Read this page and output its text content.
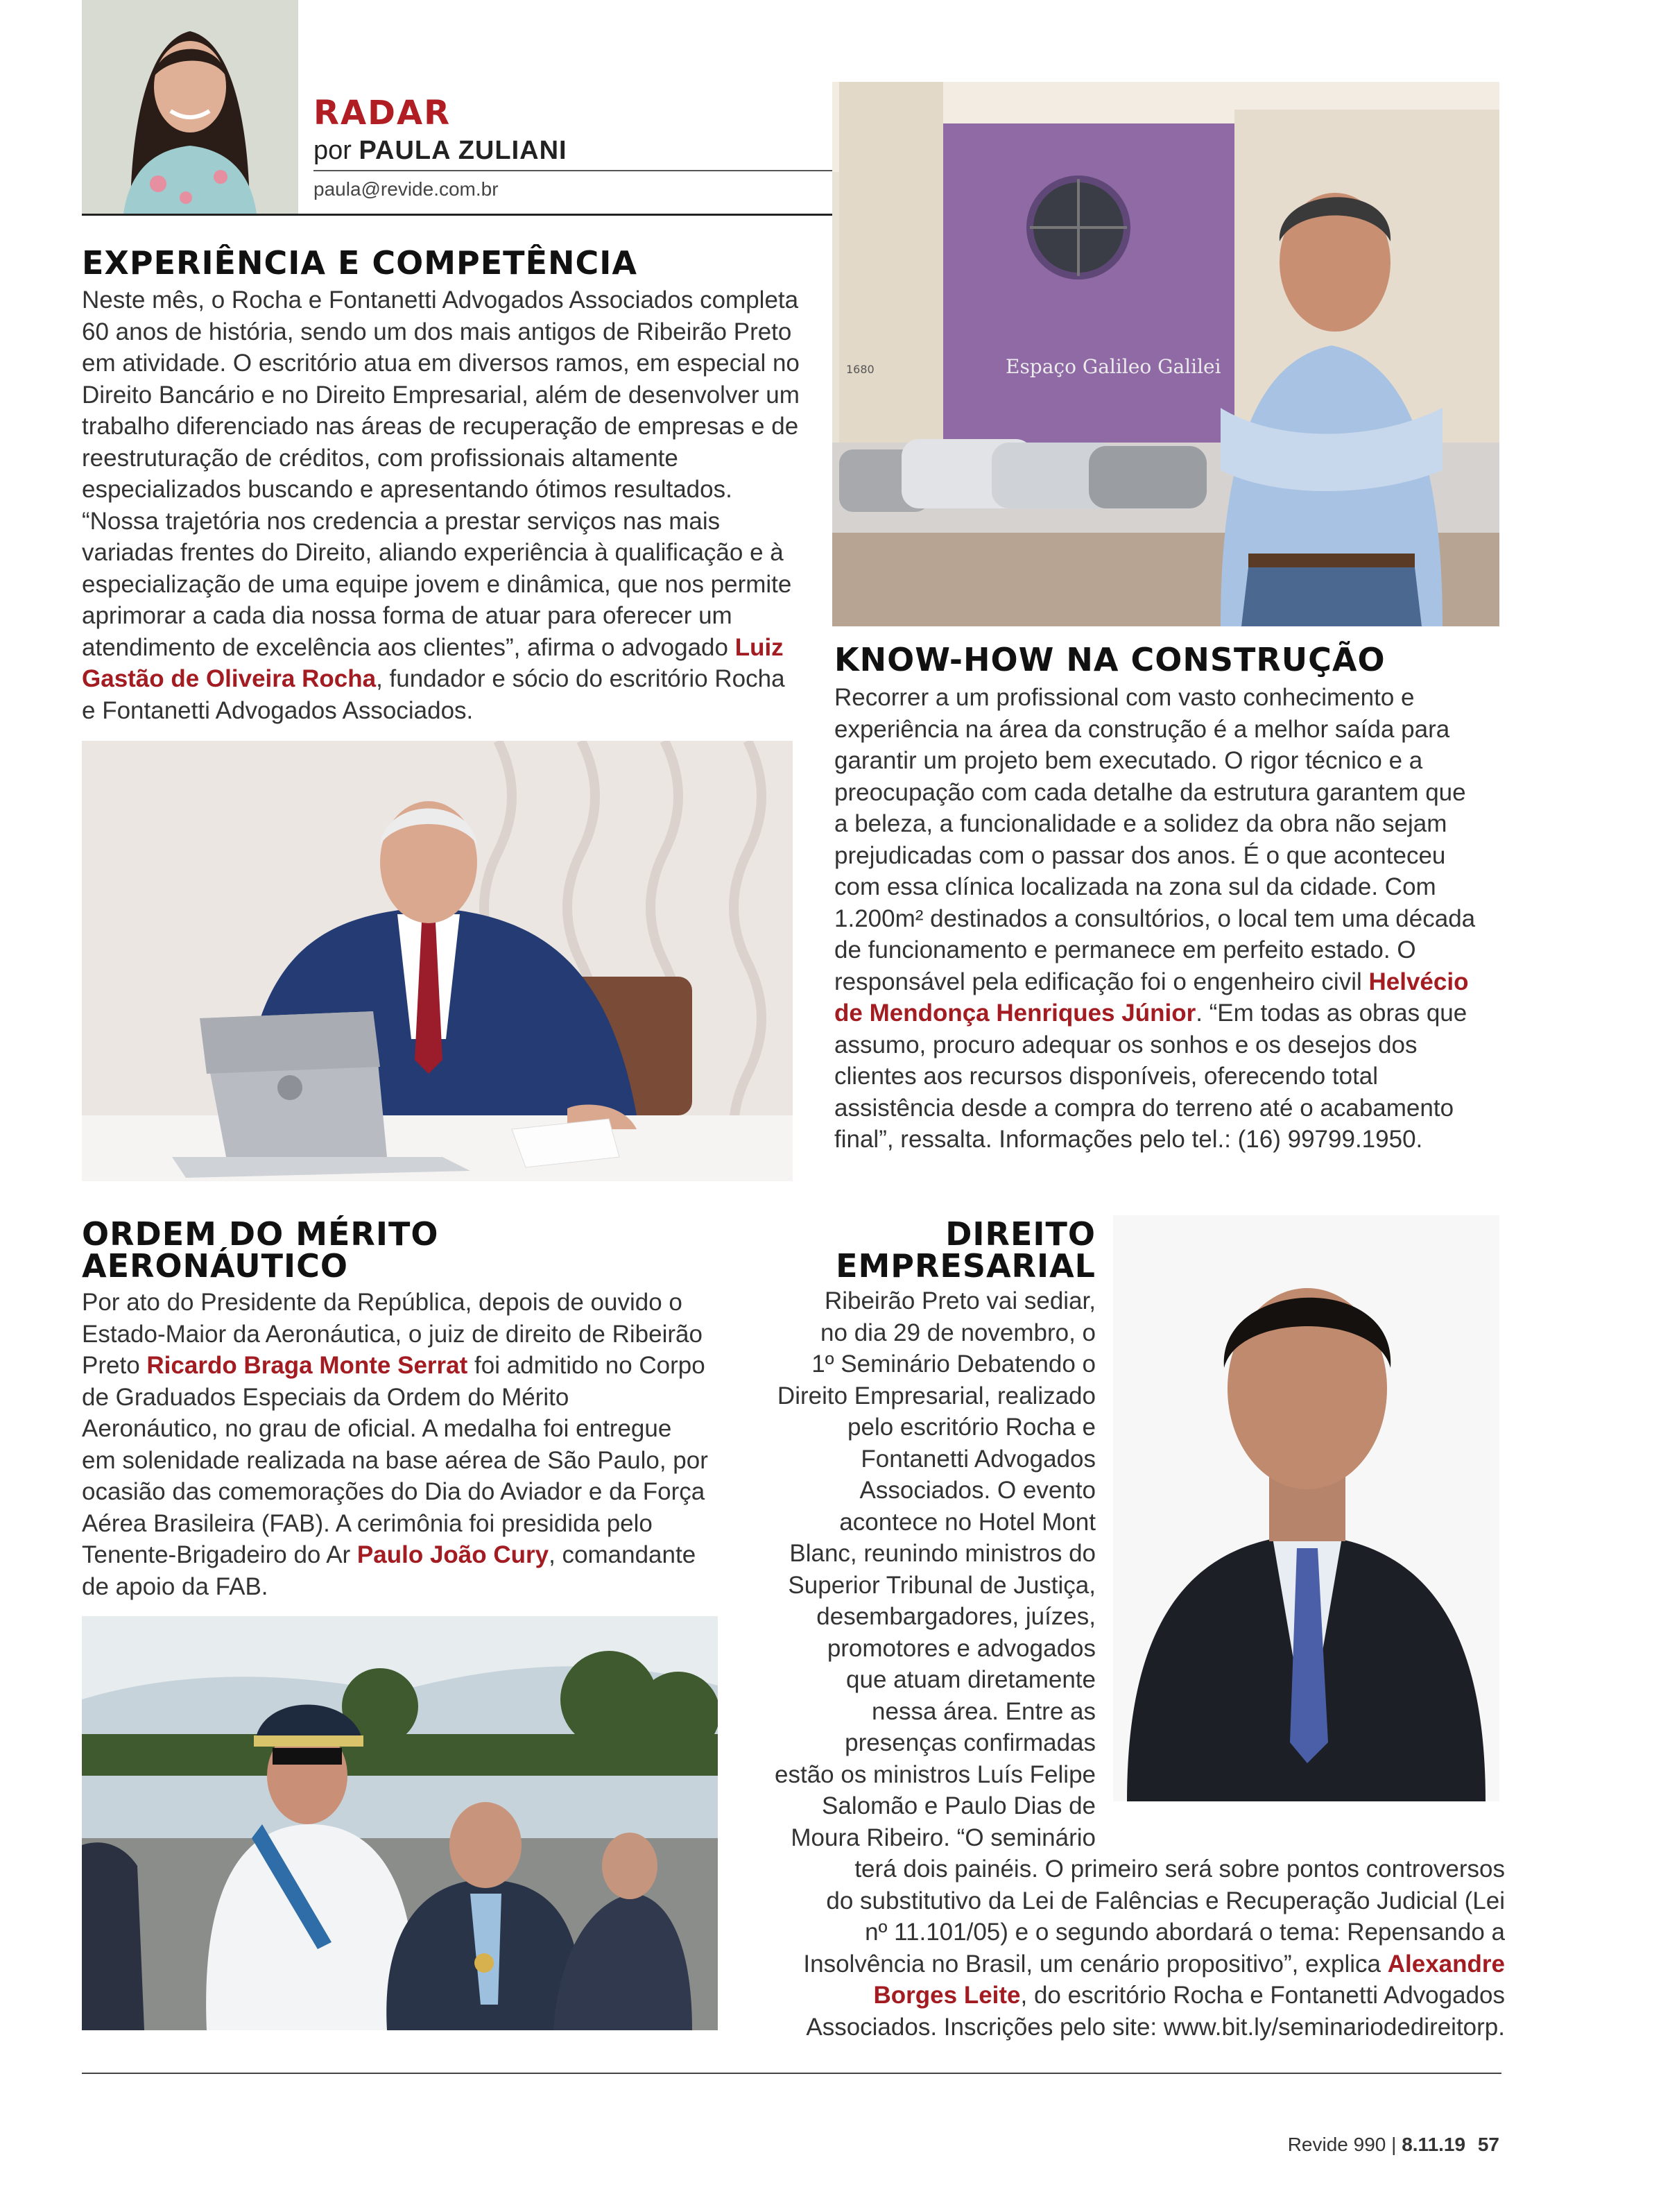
RADAR
por PAULA ZULIANI
paula@revide.com.br
EXPERIÊNCIA E COMPETÊNCIA
Neste mês, o Rocha e Fontanetti Advogados Associados completa 60 anos de história, sendo um dos mais antigos de Ribeirão Preto em atividade. O escritório atua em diversos ramos, em especial no Direito Bancário e no Direito Empresarial, além de desenvolver um trabalho diferenciado nas áreas de recuperação de empresas e de reestruturação de créditos, com profissionais altamente especializados buscando e apresentando ótimos resultados. “Nossa trajetória nos credencia a prestar serviços nas mais variadas frentes do Direito, aliando experiência à qualificação e à especialização de uma equipe jovem e dinâmica, que nos permite aprimorar a cada dia nossa forma de atuar para oferecer um atendimento de excelência aos clientes”, afirma o advogado Luiz Gastão de Oliveira Rocha, fundador e sócio do escritório Rocha e Fontanetti Advogados Associados.
Espaço Galileo Galilei
1680
KNOW-HOW NA CONSTRUÇÃO
Recorrer a um profissional com vasto conhecimento e experiência na área da construção é a melhor saída para garantir um projeto bem executado. O rigor técnico e a preocupação com cada detalhe da estrutura garantem que a beleza, a funcionalidade e a solidez da obra não sejam prejudicadas com o passar dos anos. É o que aconteceu com essa clínica localizada na zona sul da cidade. Com 1.200m² destinados a consultórios, o local tem uma década de funcionamento e permanece em perfeito estado. O responsável pela edificação foi o engenheiro civil Helvécio de Mendonça Henriques Júnior. “Em todas as obras que assumo, procuro adequar os sonhos e os desejos dos clientes aos recursos disponíveis, oferecendo total assistência desde a compra do terreno até o acabamento final”, ressalta. Informações pelo tel.: (16) 99799.1950.
ORDEM DO MÉRITO
AERONÁUTICO
Por ato do Presidente da República, depois de ouvido o Estado-Maior da Aeronáutica, o juiz de direito de Ribeirão Preto Ricardo Braga Monte Serrat foi admitido no Corpo de Graduados Especiais da Ordem do Mérito Aeronáutico, no grau de oficial. A medalha foi entregue em solenidade realizada na base aérea de São Paulo, por ocasião das comemorações do Dia do Aviador e da Força Aérea Brasileira (FAB). A cerimônia foi presidida pelo Tenente-Brigadeiro do Ar Paulo João Cury, comandante de apoio da FAB.
DIREITO
EMPRESARIAL
Ribeirão Preto vai sediar,
no dia 29 de novembro, o
1º Seminário Debatendo o
Direito Empresarial, realizado
pelo escritório Rocha e
Fontanetti Advogados
Associados. O evento
acontece no Hotel Mont
Blanc, reunindo ministros do
Superior Tribunal de Justiça,
desembargadores, juízes,
promotores e advogados
que atuam diretamente
nessa área. Entre as
presenças confirmadas
estão os ministros Luís Felipe
Salomão e Paulo Dias de
Moura Ribeiro. “O seminário
terá dois painéis. O primeiro será sobre pontos controversos
do substitutivo da Lei de Falências e Recuperação Judicial (Lei
nº 11.101/05) e o segundo abordará o tema: Repensando a
Insolvência no Brasil, um cenário propositivo”, explica Alexandre
Borges Leite, do escritório Rocha e Fontanetti Advogados
Associados. Inscrições pelo site: www.bit.ly/seminariodedireitorp.
Revide 990 | 8.11.19 57
